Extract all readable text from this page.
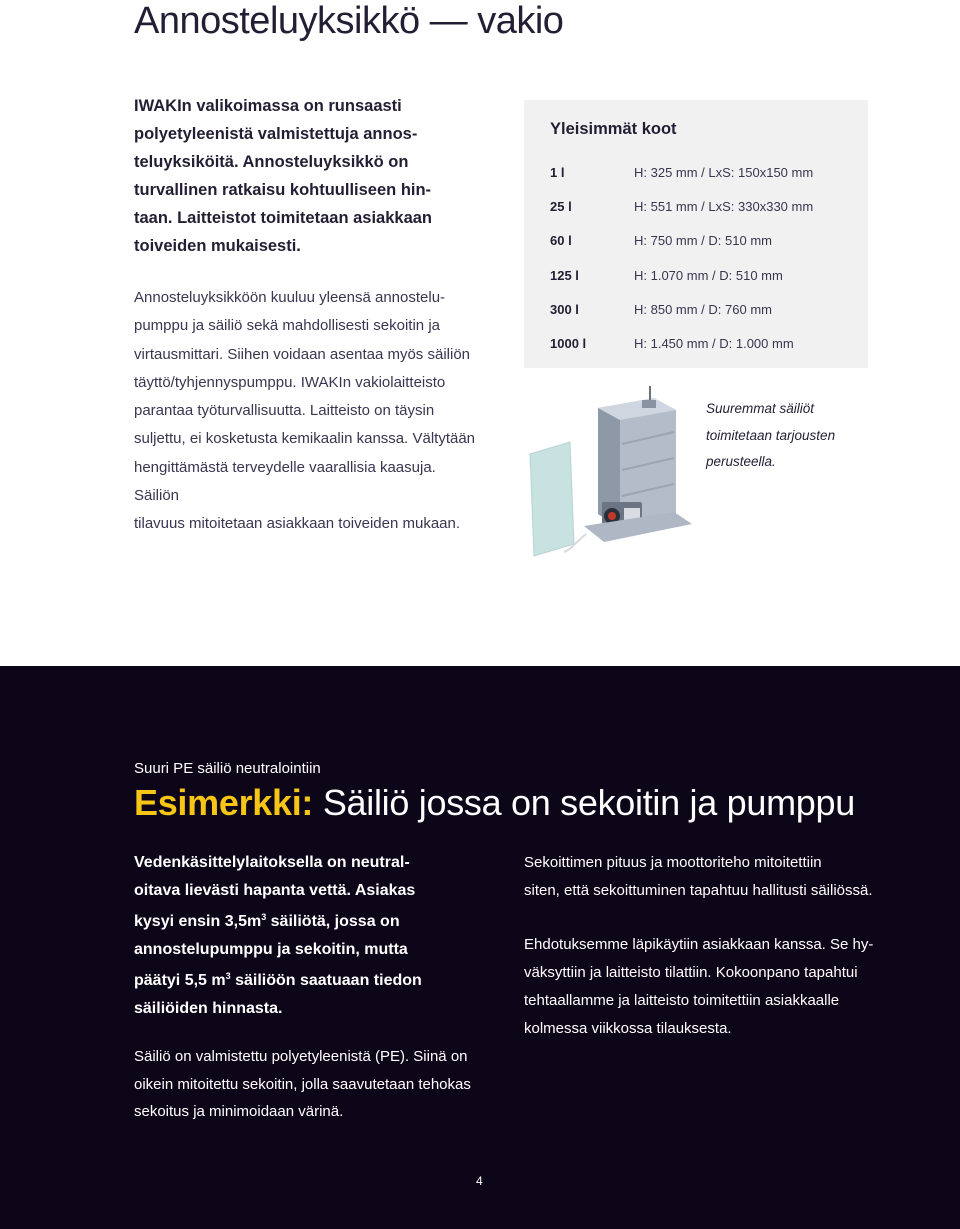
Annosteluyksikkö — vakio
IWAKIn valikoimassa on runsaasti
polyetyleenistä valmistettuja annos-
teluyksiköitä. Annosteluyksikkö on
turvallinen ratkaisu kohtuulliseen hin-
taan. Laitteistot toimitetaan asiakkaan
toiveiden mukaisesti.
Annosteluyksikköön kuuluu yleensä annostelu-
pumppu ja säiliö sekä mahdollisesti sekoitin ja
virtausmittari. Siihen voidaan asentaa myös säiliön
täyttö/tyhjennyspumppu. IWAKIn vakiolaitteisto
parantaa työturvallisuutta. Laitteisto on täysin
suljettu, ei kosketusta kemikaalin kanssa. Vältytään
hengittämästä terveydelle vaarallisia kaasuja. Säiliön
tilavuus mitoitetaan asiakkaan toiveiden mukaan.
Yleisimmät koot
1 l	H: 325 mm / LxS: 150x150 mm
25 l	H: 551 mm / LxS: 330x330 mm
60 l	H: 750 mm / D: 510 mm
125 l	H: 1.070 mm / D: 510 mm
300 l	H: 850 mm / D: 760 mm
1000 l	H: 1.450 mm / D: 1.000 mm
Suuremmat säiliöt
toimitetaan tarjousten
perusteella.
Suuri PE säiliö neutralointiin
Esimerkki: Säiliö jossa on sekoitin ja pumppu
Vedenkäsittelylaitoksella on neutral-
oitava lievästi hapanta vettä. Asiakas
kysyi ensin $3,5m^3$ säiliötä, jossa on
annostelupumppu ja sekoitin, mutta
päätyi 5,5 $m^3$ säiliöön saatuaan tiedon
säiliöiden hinnasta.
Säiliö on valmistettu polyetyleenistä (PE). Siinä on
oikein mitoitettu sekoitin, jolla saavutetaan tehokas
sekoitus ja minimoidaan värinä.
Sekoittimen pituus ja moottoriteho mitoitettiin
siten, että sekoittuminen tapahtuu hallitusti säiliössä.
Ehdotuksemme läpikäytiin asiakkaan kanssa. Se hy-
väksyttiin ja laitteisto tilattiin. Kokoonpano tapahtui
tehtaallamme ja laitteisto toimitettiin asiakkaalle
kolmessa viikkossa tilauksesta.
4
